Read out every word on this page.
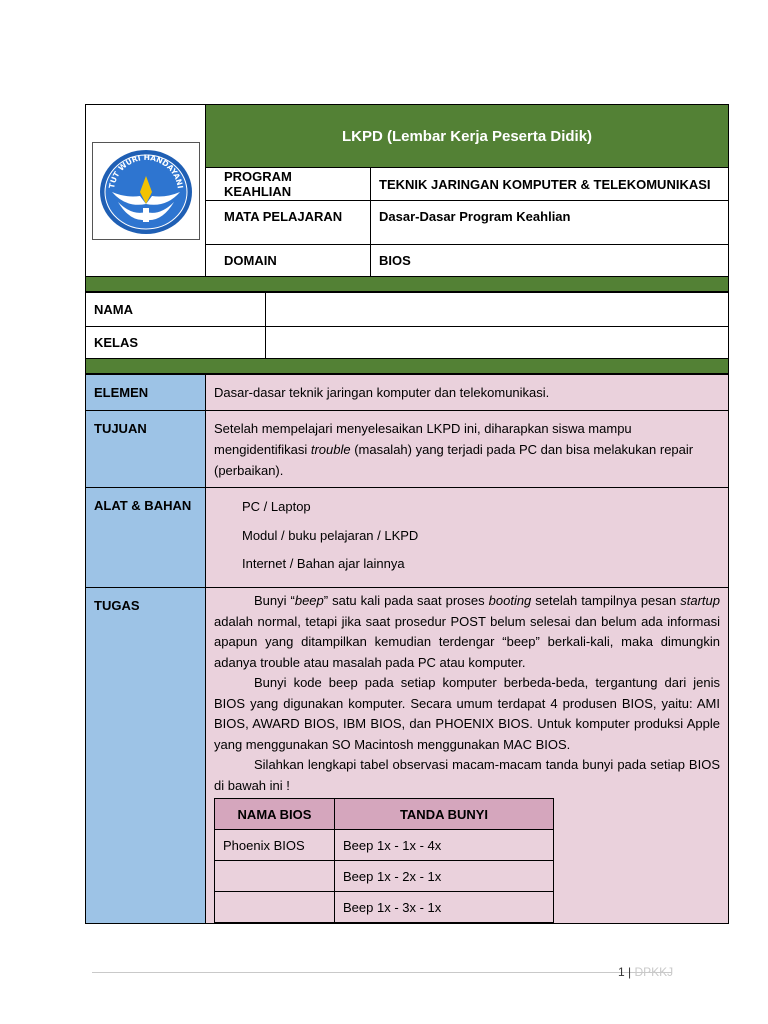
TUT WURI HANDAYANI	LKPD (Lembar Kerja Peserta Didik)	
	PROGRAM KEAHLIAN	TEKNIK JARINGAN KOMPUTER & TELEKOMUNIKASI
	MATA PELAJARAN	Dasar-Dasar Program Keahlian
	DOMAIN	BIOS

NAMA	
KELAS	

ELEMEN	Dasar-dasar teknik jaringan komputer dan telekomunikasi.
TUJUAN	Setelah mempelajari menyelesaikan LKPD ini, diharapkan siswa mampu mengidentifikasi trouble (masalah) yang terjadi pada PC dan bisa melakukan repair (perbaikan).
ALAT & BAHAN	PC / Laptop
Modul / buku pelajaran / LKPD
Internet / Bahan ajar lainnya

TUGAS	Bunyi “beep” satu kali pada saat proses booting setelah tampilnya pesan startup adalah normal, tetapi jika saat prosedur POST belum selesai dan belum ada informasi apapun yang ditampilkan kemudian terdengar “beep” berkali-kali, maka dimungkin adanya trouble atau masalah pada PC atau komputer.

Bunyi kode beep pada setiap komputer berbeda-beda, tergantung dari jenis BIOS yang digunakan komputer. Secara umum terdapat 4 produsen BIOS, yaitu: AMI BIOS, AWARD BIOS, IBM BIOS, dan PHOENIX BIOS. Untuk komputer produksi Apple yang menggunakan SO Macintosh menggunakan MAC BIOS.

Silahkan lengkapi tabel observasi macam-macam tanda bunyi pada setiap BIOS di bawah ini !

NAMA BIOS	TANDA BUNYI
Phoenix BIOS	Beep 1x - 1x - 4x
	Beep 1x - 2x - 1x
	Beep 1x - 3x - 1x
1 | DPKKJ
